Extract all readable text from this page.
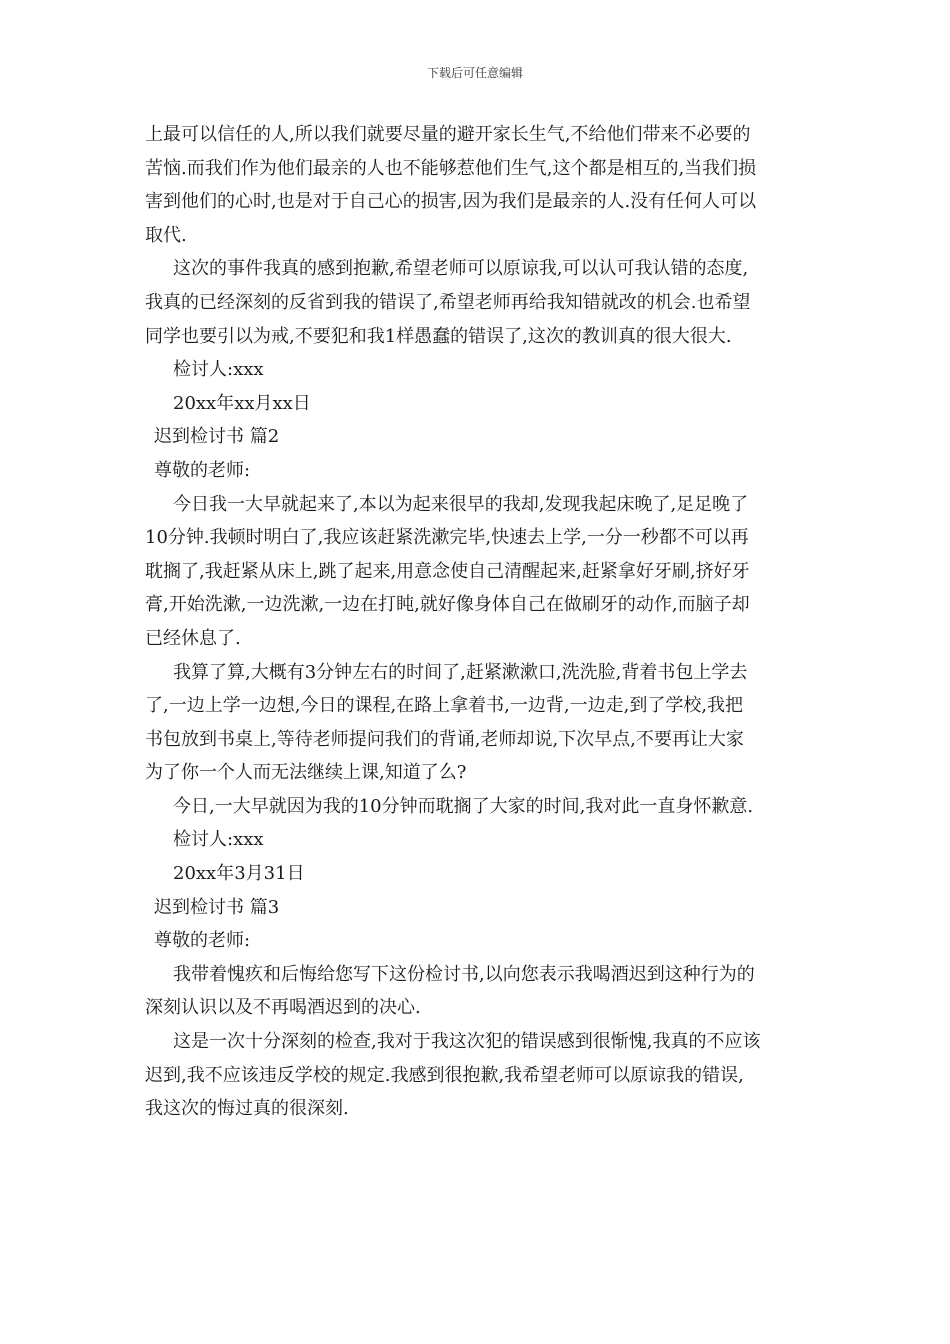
下载后可任意编辑
上最可以信任的人,所以我们就要尽量的避开家长生气,不给他们带来不必要的
苦恼.而我们作为他们最亲的人也不能够惹他们生气,这个都是相互的,当我们损
害到他们的心时,也是对于自己心的损害,因为我们是最亲的人.没有任何人可以
取代.
这次的事件我真的感到抱歉,希望老师可以原谅我,可以认可我认错的态度,
我真的已经深刻的反省到我的错误了,希望老师再给我知错就改的机会.也希望
同学也要引以为戒,不要犯和我1样愚蠢的错误了,这次的教训真的很大很大.
检讨人:xxx
20xx年xx月xx日
迟到检讨书 篇2
尊敬的老师:
今日我一大早就起来了,本以为起来很早的我却,发现我起床晚了,足足晚了
10分钟.我顿时明白了,我应该赶紧洗漱完毕,快速去上学,一分一秒都不可以再
耽搁了,我赶紧从床上,跳了起来,用意念使自己清醒起来,赶紧拿好牙刷,挤好牙
膏,开始洗漱,一边洗漱,一边在打盹,就好像身体自己在做刷牙的动作,而脑子却
已经休息了.
我算了算,大概有3分钟左右的时间了,赶紧漱漱口,洗洗脸,背着书包上学去
了,一边上学一边想,今日的课程,在路上拿着书,一边背,一边走,到了学校,我把
书包放到书桌上,等待老师提问我们的背诵,老师却说,下次早点,不要再让大家
为了你一个人而无法继续上课,知道了么?
今日,一大早就因为我的10分钟而耽搁了大家的时间,我对此一直身怀歉意.
检讨人:xxx
20xx年3月31日
迟到检讨书 篇3
尊敬的老师:
我带着愧疚和后悔给您写下这份检讨书,以向您表示我喝酒迟到这种行为的
深刻认识以及不再喝酒迟到的决心.
这是一次十分深刻的检查,我对于我这次犯的错误感到很惭愧,我真的不应该
迟到,我不应该违反学校的规定.我感到很抱歉,我希望老师可以原谅我的错误,
我这次的悔过真的很深刻.
